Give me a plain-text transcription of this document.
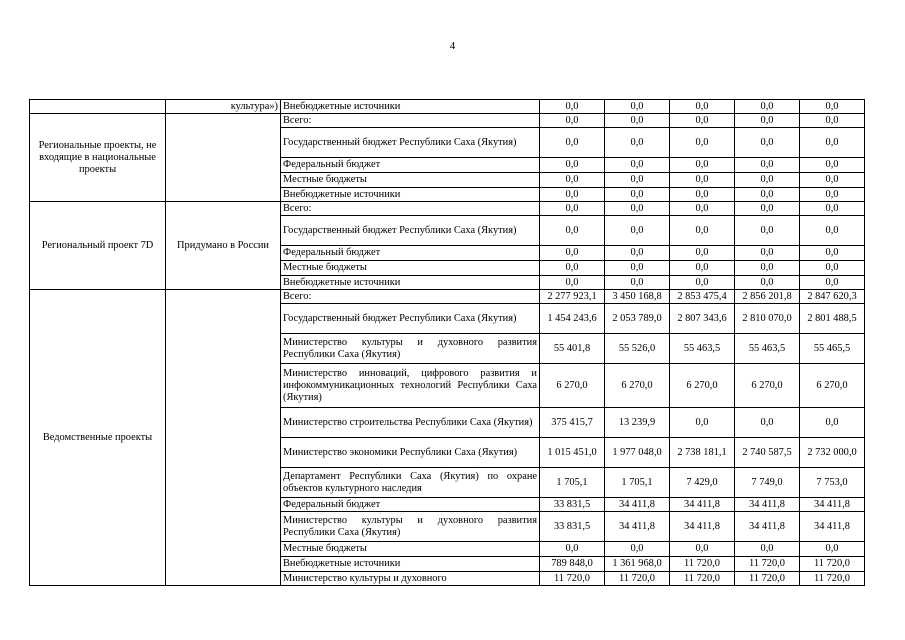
4
	культура»)	Внебюджетные источники	0,0	0,0	0,0	0,0	0,0
Региональные проекты, не входящие в национальные проекты		Всего:	0,0	0,0	0,0	0,0	0,0
		Государственный бюджет Республики Саха (Якутия)	0,0	0,0	0,0	0,0	0,0
		Федеральный бюджет	0,0	0,0	0,0	0,0	0,0
		Местные бюджеты	0,0	0,0	0,0	0,0	0,0
		Внебюджетные источники	0,0	0,0	0,0	0,0	0,0
Региональный проект 7D	Придумано в России	Всего:	0,0	0,0	0,0	0,0	0,0
		Государственный бюджет Республики Саха (Якутия)	0,0	0,0	0,0	0,0	0,0
		Федеральный бюджет	0,0	0,0	0,0	0,0	0,0
		Местные бюджеты	0,0	0,0	0,0	0,0	0,0
		Внебюджетные источники	0,0	0,0	0,0	0,0	0,0
Ведомственные проекты		Всего:	2 277 923,1	3 450 168,8	2 853 475,4	2 856 201,8	2 847 620,3
		Государственный бюджет Республики Саха (Якутия)	1 454 243,6	2 053 789,0	2 807 343,6	2 810 070,0	2 801 488,5
		Министерство культуры и духовного развития Республики Саха (Якутия)	55 401,8	55 526,0	55 463,5	55 463,5	55 465,5
		Министерство инноваций, цифрового развития и инфокоммуникационных технологий Республики Саха (Якутия)	6 270,0	6 270,0	6 270,0	6 270,0	6 270,0
		Министерство строительства Республики Саха (Якутия)	375 415,7	13 239,9	0,0	0,0	0,0
		Министерство экономики Республики Саха (Якутия)	1 015 451,0	1 977 048,0	2 738 181,1	2 740 587,5	2 732 000,0
		Департамент Республики Саха (Якутия) по охране объектов культурного наследия	1 705,1	1 705,1	7 429,0	7 749,0	7 753,0
		Федеральный бюджет	33 831,5	34 411,8	34 411,8	34 411,8	34 411,8
		Министерство культуры и духовного развития Республики Саха (Якутия)	33 831,5	34 411,8	34 411,8	34 411,8	34 411,8
		Местные бюджеты	0,0	0,0	0,0	0,0	0,0
		Внебюджетные источники	789 848,0	1 361 968,0	11 720,0	11 720,0	11 720,0
		Министерство культуры и духовного	11 720,0	11 720,0	11 720,0	11 720,0	11 720,0
